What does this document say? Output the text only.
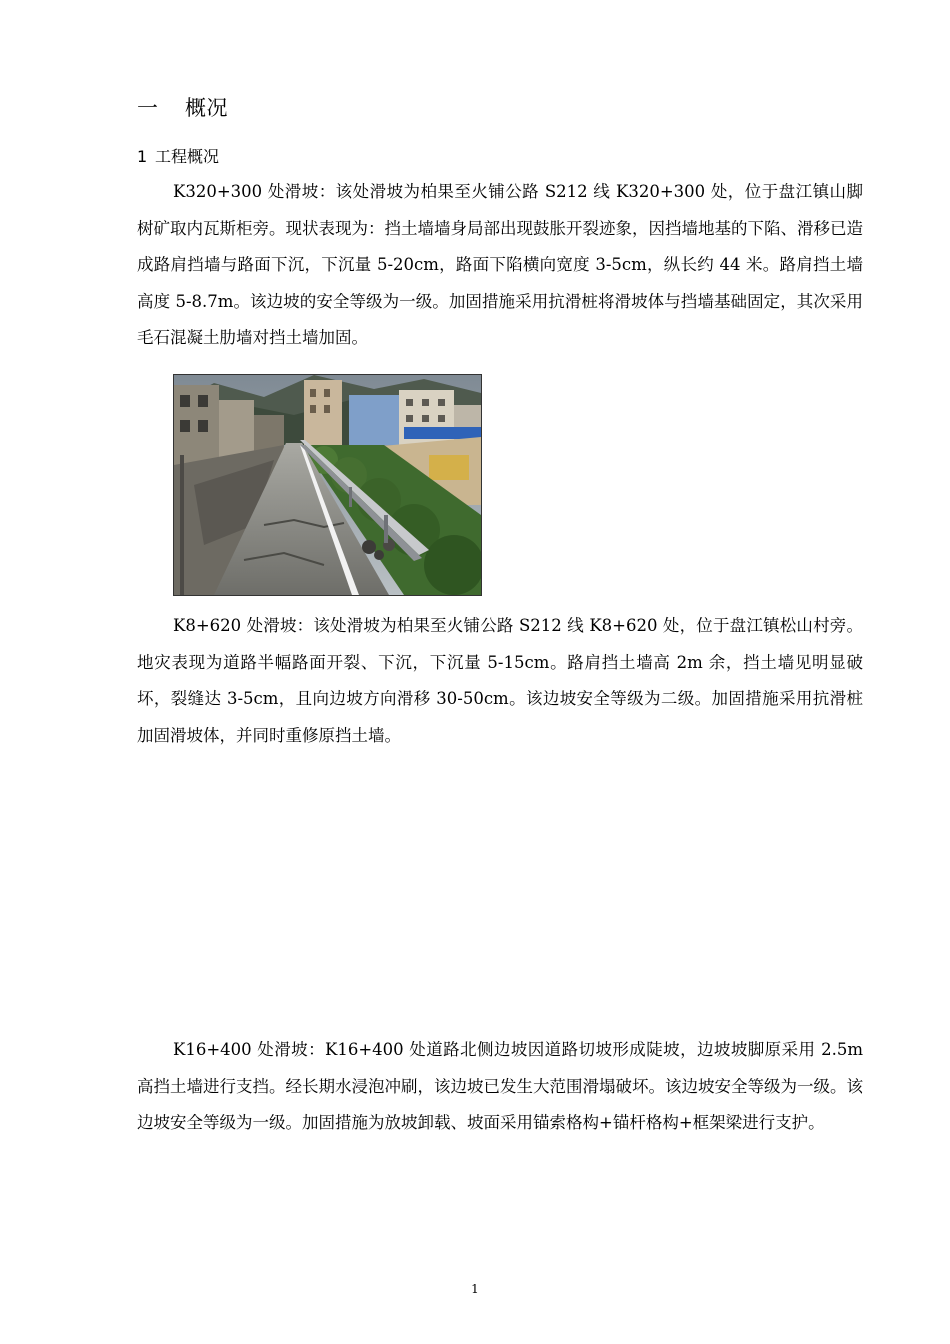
一 概况
1 工程概况

K320+300 处滑坡：该处滑坡为柏果至火铺公路 S212 线 K320+300 处，位于盘江镇山脚树矿取内瓦斯柜旁。现状表现为：挡土墙墙身局部出现鼓胀开裂迹象，因挡墙地基的下陷、滑移已造成路肩挡墙与路面下沉，下沉量 5-20cm，路面下陷横向宽度 3-5cm，纵长约 44 米。路肩挡土墙高度 5-8.7m。该边坡的安全等级为一级。加固措施采用抗滑桩将滑坡体与挡墙基础固定，其次采用毛石混凝土肋墙对挡土墙加固。

K8+620 处滑坡：该处滑坡为柏果至火铺公路 S212 线 K8+620 处，位于盘江镇松山村旁。地灾表现为道路半幅路面开裂、下沉，下沉量 5-15cm。路肩挡土墙高 2m 余，挡土墙见明显破坏，裂缝达 3-5cm，且向边坡方向滑移 30-50cm。该边坡安全等级为二级。加固措施采用抗滑桩加固滑坡体，并同时重修原挡土墙。

K16+400 处滑坡：K16+400 处道路北侧边坡因道路切坡形成陡坡，边坡坡脚原采用 2.5m 高挡土墙进行支挡。经长期水浸泡冲刷，该边坡已发生大范围滑塌破坏。该边坡安全等级为一级。该边坡安全等级为一级。加固措施为放坡卸载、坡面采用锚索格构+锚杆格构+框架梁进行支护。

1
